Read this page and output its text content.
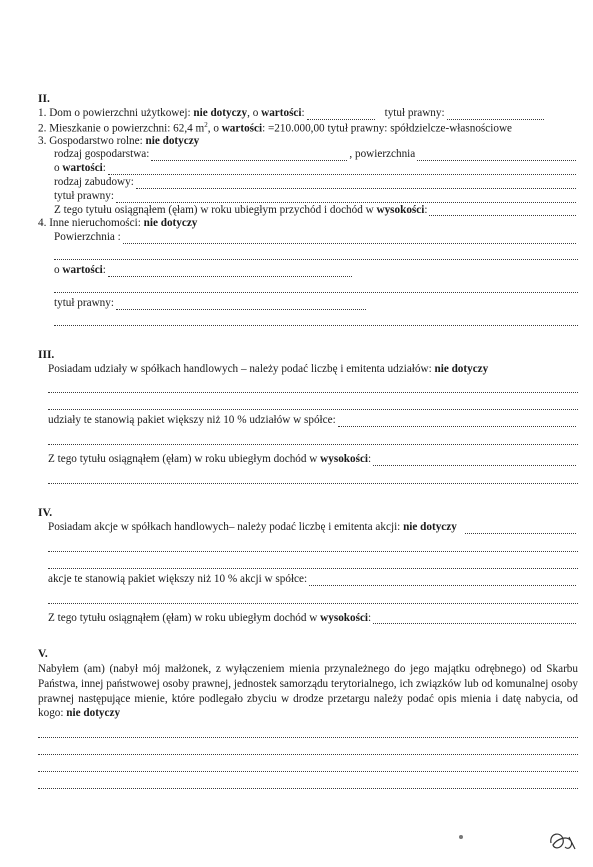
II.
1. Dom o powierzchni użytkowej: nie dotyczy, o wartości:	tytuł prawny:
2. Mieszkanie o powierzchni: 62,4 $m^2$, o wartości: =210.000,00 tytuł prawny: spółdzielcze-własnościowe
3. Gospodarstwo rolne: nie dotyczy
rodzaj gospodarstwa:	, powierzchnia
o wartości:
rodzaj zabudowy:
tytuł prawny:
Z tego tytułu osiągnąłem (ęłam) w roku ubiegłym przychód i dochód w wysokości:
4. Inne nieruchomości: nie dotyczy
Powierzchnia :
o wartości:
tytuł prawny:
III.
Posiadam udziały w spółkach handlowych – należy podać liczbę i emitenta udziałów: nie dotyczy
udziały te stanowią pakiet większy niż 10 % udziałów w spółce:
Z tego tytułu osiągnąłem (ęłam) w roku ubiegłym dochód w wysokości:
IV.
Posiadam akcje w spółkach handlowych– należy podać liczbę i emitenta akcji: nie dotyczy
akcje te stanowią pakiet większy niż 10 % akcji w spółce:
Z tego tytułu osiągnąłem (ęłam) w roku ubiegłym dochód w wysokości:
V.
Nabyłem (am) (nabył mój małżonek, z wyłączeniem mienia przynależnego do jego majątku odrębnego) od Skarbu Państwa, innej państwowej osoby prawnej, jednostek samorządu terytorialnego, ich związków lub od komunalnej osoby prawnej następujące mienie, które podlegało zbyciu w drodze przetargu należy podać opis mienia i datę nabycia, od kogo: nie dotyczy
